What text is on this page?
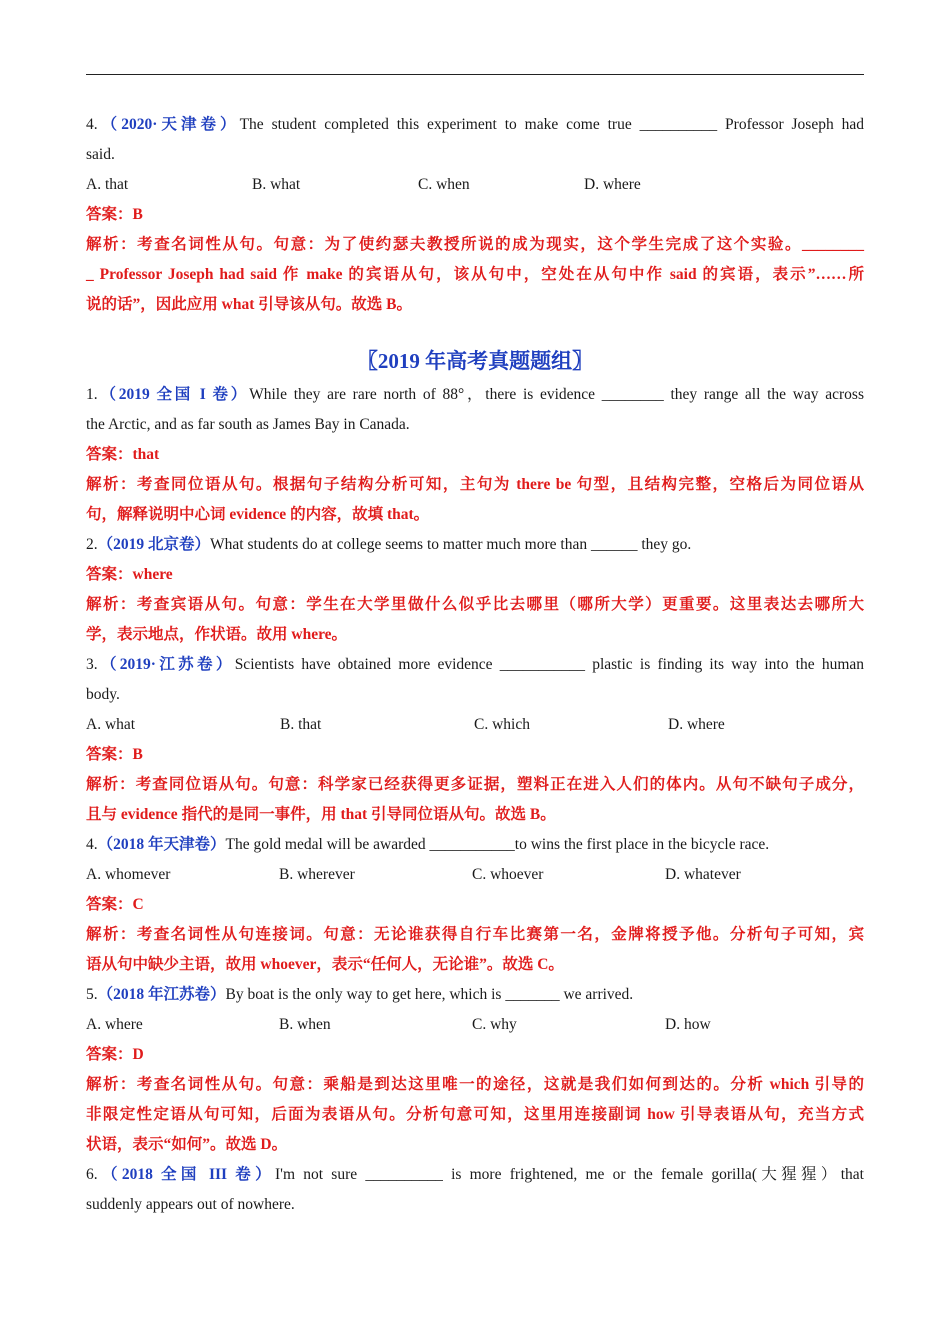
4.（2020·天津卷）The student completed this experiment to make come true __________ Professor Joseph had
said.
A. that	B. what	C. when	D. where
答案：B
解析：考查名词性从句。句意：为了使约瑟夫教授所说的成为现实，这个学生完成了这个实验。________
_ Professor Joseph had said 作 make 的宾语从句，该从句中，空处在从句中作 said 的宾语，表示”……所
说的话”，因此应用 what 引导该从句。故选 B。
〖2019 年高考真题题组〗
1.（2019 全国 I 卷）While they are rare north of 88°，there is evidence ________ they range all the way across
the Arctic, and as far south as James Bay in Canada.
答案：that
解析：考查同位语从句。根据句子结构分析可知，主句为 there be 句型，且结构完整，空格后为同位语从
句，解释说明中心词 evidence 的内容，故填 that。
2.（2019 北京卷）What students do at college seems to matter much more than ______ they go.
答案：where
解析：考查宾语从句。句意：学生在大学里做什么似乎比去哪里（哪所大学）更重要。这里表达去哪所大
学，表示地点，作状语。故用 where。
3.（2019·江苏卷）Scientists have obtained more evidence ___________ plastic is finding its way into the human
body.
A. what	B. that	C. which	D. where
答案：B
解析：考查同位语从句。句意：科学家已经获得更多证据，塑料正在进入人们的体内。从句不缺句子成分，
且与 evidence 指代的是同一事件，用 that 引导同位语从句。故选 B。
4.（2018 年天津卷）The gold medal will be awarded ___________to wins the first place in the bicycle race.
A. whomever	B. wherever	C. whoever	D. whatever
答案：C
解析：考查名词性从句连接词。句意：无论谁获得自行车比赛第一名，金牌将授予他。分析句子可知，宾
语从句中缺少主语，故用 whoever，表示“任何人，无论谁”。故选 C。
5.（2018 年江苏卷）By boat is the only way to get here, which is _______ we arrived.
A. where	B. when	C. why	D. how
答案：D
解析：考查名词性从句。句意：乘船是到达这里唯一的途径，这就是我们如何到达的。分析 which 引导的
非限定性定语从句可知，后面为表语从句。分析句意可知，这里用连接副词 how 引导表语从句，充当方式
状语，表示“如何”。故选 D。
6.（2018 全国 III 卷）I'm not sure __________ is more frightened, me or the female gorilla(大猩猩）that
suddenly appears out of nowhere.
